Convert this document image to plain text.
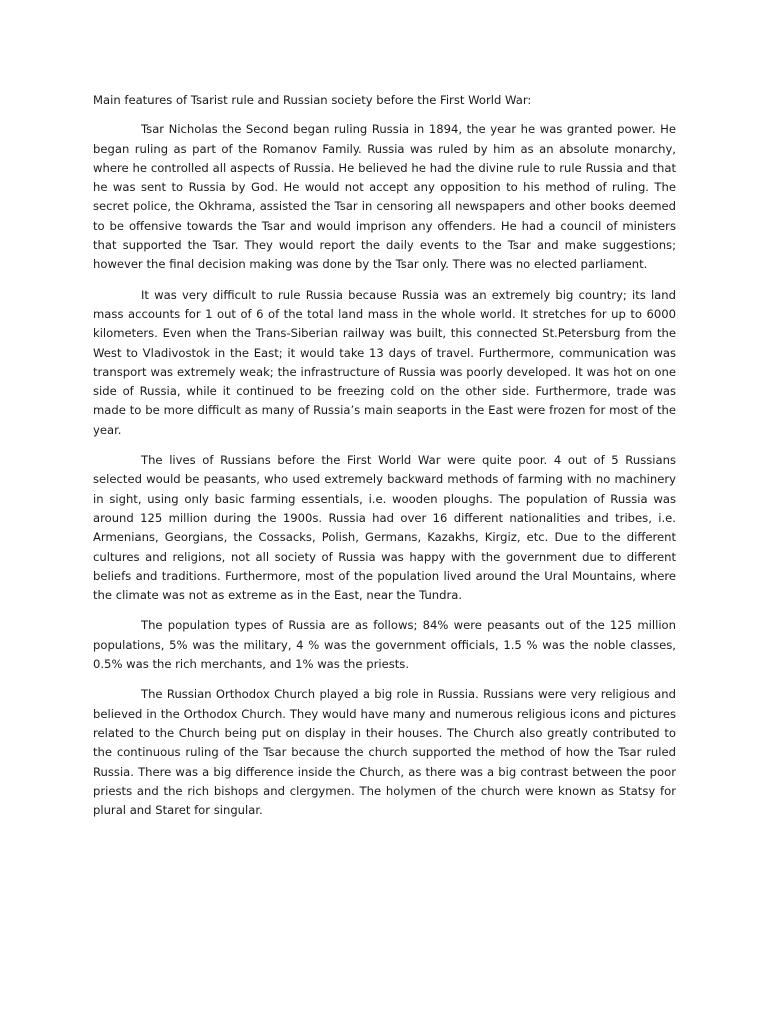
Main features of Tsarist rule and Russian society before the First World War:

Tsar Nicholas the Second began ruling Russia in 1894, the year he was granted power. He began ruling as part of the Romanov Family. Russia was ruled by him as an absolute monarchy, where he controlled all aspects of Russia. He believed he had the divine rule to rule Russia and that he was sent to Russia by God. He would not accept any opposition to his method of ruling. The secret police, the Okhrama, assisted the Tsar in censoring all newspapers and other books deemed to be offensive towards the Tsar and would imprison any offenders. He had a council of ministers that supported the Tsar. They would report the daily events to the Tsar and make suggestions; however the final decision making was done by the Tsar only. There was no elected parliament.

It was very difficult to rule Russia because Russia was an extremely big country; its land mass accounts for 1 out of 6 of the total land mass in the whole world. It stretches for up to 6000 kilometers. Even when the Trans-Siberian railway was built, this connected St.Petersburg from the West to Vladivostok in the East; it would take 13 days of travel. Furthermore, communication was transport was extremely weak; the infrastructure of Russia was poorly developed. It was hot on one side of Russia, while it continued to be freezing cold on the other side. Furthermore, trade was made to be more difficult as many of Russia’s main seaports in the East were frozen for most of the year.

The lives of Russians before the First World War were quite poor. 4 out of 5 Russians selected would be peasants, who used extremely backward methods of farming with no machinery in sight, using only basic farming essentials, i.e. wooden ploughs. The population of Russia was around 125 million during the 1900s. Russia had over 16 different nationalities and tribes, i.e. Armenians, Georgians, the Cossacks, Polish, Germans, Kazakhs, Kirgiz, etc. Due to the different cultures and religions, not all society of Russia was happy with the government due to different beliefs and traditions. Furthermore, most of the population lived around the Ural Mountains, where the climate was not as extreme as in the East, near the Tundra.

The population types of Russia are as follows; 84% were peasants out of the 125 million populations, 5% was the military, 4 % was the government officials, 1.5 % was the noble classes, 0.5% was the rich merchants, and 1% was the priests.

The Russian Orthodox Church played a big role in Russia. Russians were very religious and believed in the Orthodox Church. They would have many and numerous religious icons and pictures related to the Church being put on display in their houses. The Church also greatly contributed to the continuous ruling of the Tsar because the church supported the method of how the Tsar ruled Russia. There was a big difference inside the Church, as there was a big contrast between the poor priests and the rich bishops and clergymen. The holymen of the church were known as Statsy for plural and Staret for singular.
